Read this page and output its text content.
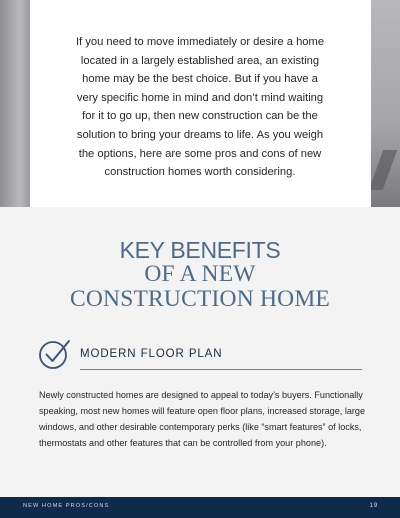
If you need to move immediately or desire a home located in a largely established area, an existing home may be the best choice. But if you have a very specific home in mind and don’t mind waiting for it to go up, then new construction can be the solution to bring your dreams to life. As you weigh the options, here are some pros and cons of new construction homes worth considering.

KEY BENEFITS
OF A NEW
CONSTRUCTION HOME
MODERN FLOOR PLAN

Newly constructed homes are designed to appeal to today’s buyers. Functionally speaking, most new homes will feature open floor plans, increased storage, large windows, and other desirable contemporary perks (like “smart features” of locks, thermostats and other features that can be controlled from your phone).

NEW HOME PROS/CONS	19
